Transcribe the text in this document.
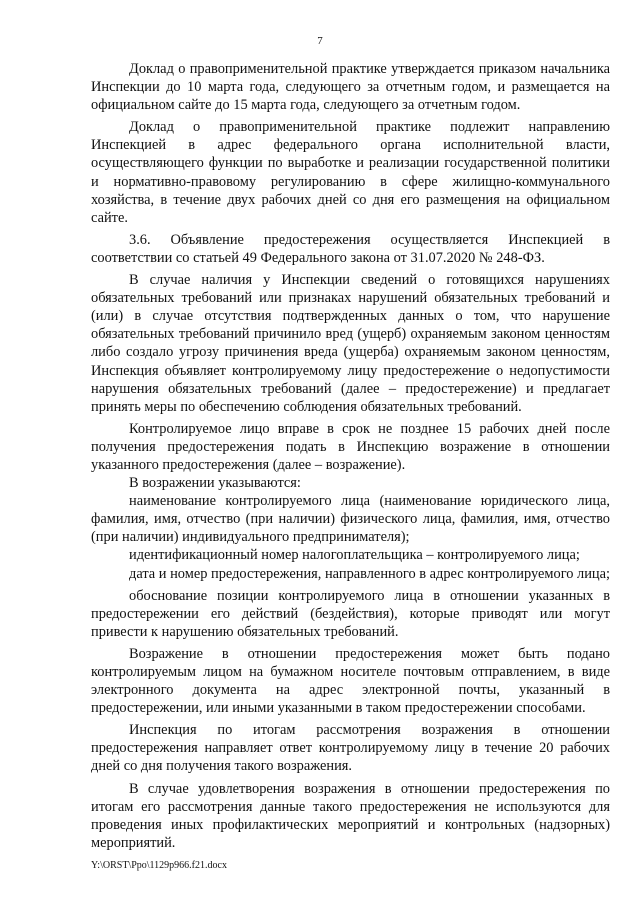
7

Доклад о правоприменительной практике утверждается приказом начальника Инспекции до 10 марта года, следующего за отчетным годом, и размещается на официальном сайте до 15 марта года, следующего за отчетным годом.

Доклад о правоприменительной практике подлежит направлению Инспекцией в адрес федерального органа исполнительной власти, осуществляющего функции по выработке и реализации государственной политики и нормативно-правовому регулированию в сфере жилищно-коммунального хозяйства, в течение двух рабочих дней со дня его размещения на официальном сайте.

3.6. Объявление предостережения осуществляется Инспекцией в соответствии со статьей 49 Федерального закона от 31.07.2020 № 248-ФЗ.

В случае наличия у Инспекции сведений о готовящихся нарушениях обязательных требований или признаках нарушений обязательных требований и (или) в случае отсутствия подтвержденных данных о том, что нарушение обязательных требований причинило вред (ущерб) охраняемым законом ценностям либо создало угрозу причинения вреда (ущерба) охраняемым законом ценностям, Инспекция объявляет контролируемому лицу предостережение о недопустимости нарушения обязательных требований (далее – предостережение) и предлагает принять меры по обеспечению соблюдения обязательных требований.

Контролируемое лицо вправе в срок не позднее 15 рабочих дней после получения предостережения подать в Инспекцию возражение в отношении указанного предостережения (далее – возражение).

В возражении указываются:

наименование контролируемого лица (наименование юридического лица, фамилия, имя, отчество (при наличии) физического лица, фамилия, имя, отчество (при наличии) индивидуального предпринимателя);

идентификационный номер налогоплательщика – контролируемого лица;

дата и номер предостережения, направленного в адрес контролируемого лица;

обоснование позиции контролируемого лица в отношении указанных в предостережении его действий (бездействия), которые приводят или могут привести к нарушению обязательных требований.

Возражение в отношении предостережения может быть подано контролируемым лицом на бумажном носителе почтовым отправлением, в виде электронного документа на адрес электронной почты, указанный в предостережении, или иными указанными в таком предостережении способами.

Инспекция по итогам рассмотрения возражения в отношении предостережения направляет ответ контролируемому лицу в течение 20 рабочих дней со дня получения такого возражения.

В случае удовлетворения возражения в отношении предостережения по итогам его рассмотрения данные такого предостережения не используются для проведения иных профилактических мероприятий и контрольных (надзорных) мероприятий.

Y:\ORST\Ppo\1129p966.f21.docx
